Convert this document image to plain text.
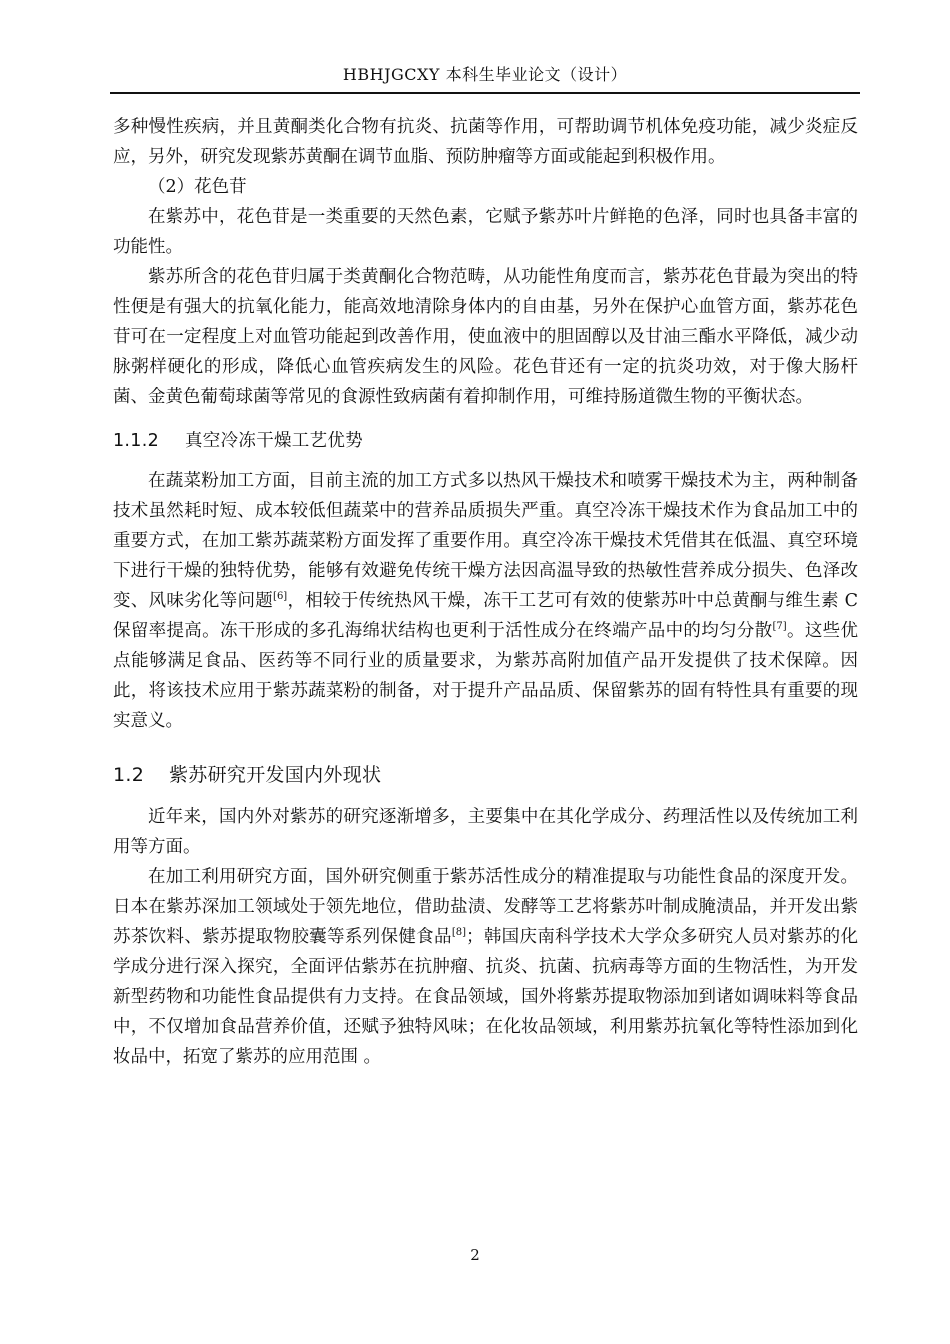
HBHJGCXY 本科生毕业论文（设计）

多种慢性疾病，并且黄酮类化合物有抗炎、抗菌等作用，可帮助调节机体免疫功能，减少炎症反应，另外，研究发现紫苏黄酮在调节血脂、预防肿瘤等方面或能起到积极作用。

（2）花色苷

在紫苏中，花色苷是一类重要的天然色素，它赋予紫苏叶片鲜艳的色泽，同时也具备丰富的功能性。

紫苏所含的花色苷归属于类黄酮化合物范畴，从功能性角度而言，紫苏花色苷最为突出的特性便是有强大的抗氧化能力，能高效地清除身体内的自由基，另外在保护心血管方面，紫苏花色苷可在一定程度上对血管功能起到改善作用，使血液中的胆固醇以及甘油三酯水平降低，减少动脉粥样硬化的形成，降低心血管疾病发生的风险。花色苷还有一定的抗炎功效，对于像大肠杆菌、金黄色葡萄球菌等常见的食源性致病菌有着抑制作用，可维持肠道微生物的平衡状态。

1.1.2 真空冷冻干燥工艺优势

在蔬菜粉加工方面，目前主流的加工方式多以热风干燥技术和喷雾干燥技术为主，两种制备技术虽然耗时短、成本较低但蔬菜中的营养品质损失严重。真空冷冻干燥技术作为食品加工中的重要方式，在加工紫苏蔬菜粉方面发挥了重要作用。真空冷冻干燥技术凭借其在低温、真空环境下进行干燥的独特优势，能够有效避免传统干燥方法因高温导致的热敏性营养成分损失、色泽改变、风味劣化等问题[6]，相较于传统热风干燥，冻干工艺可有效的使紫苏叶中总黄酮与维生素 C 保留率提高。冻干形成的多孔海绵状结构也更利于活性成分在终端产品中的均匀分散[7]。这些优点能够满足食品、医药等不同行业的质量要求，为紫苏高附加值产品开发提供了技术保障。因此，将该技术应用于紫苏蔬菜粉的制备，对于提升产品品质、保留紫苏的固有特性具有重要的现实意义。

1.2 紫苏研究开发国内外现状

近年来，国内外对紫苏的研究逐渐增多，主要集中在其化学成分、药理活性以及传统加工利用等方面。

在加工利用研究方面，国外研究侧重于紫苏活性成分的精准提取与功能性食品的深度开发。日本在紫苏深加工领域处于领先地位，借助盐渍、发酵等工艺将紫苏叶制成腌渍品，并开发出紫苏茶饮料、紫苏提取物胶囊等系列保健食品[8]；韩国庆南科学技术大学众多研究人员对紫苏的化学成分进行深入探究，全面评估紫苏在抗肿瘤、抗炎、抗菌、抗病毒等方面的生物活性，为开发新型药物和功能性食品提供有力支持。在食品领域，国外将紫苏提取物添加到诸如调味料等食品中，不仅增加食品营养价值，还赋予独特风味；在化妆品领域，利用紫苏抗氧化等特性添加到化妆品中，拓宽了紫苏的应用范围 。

2
